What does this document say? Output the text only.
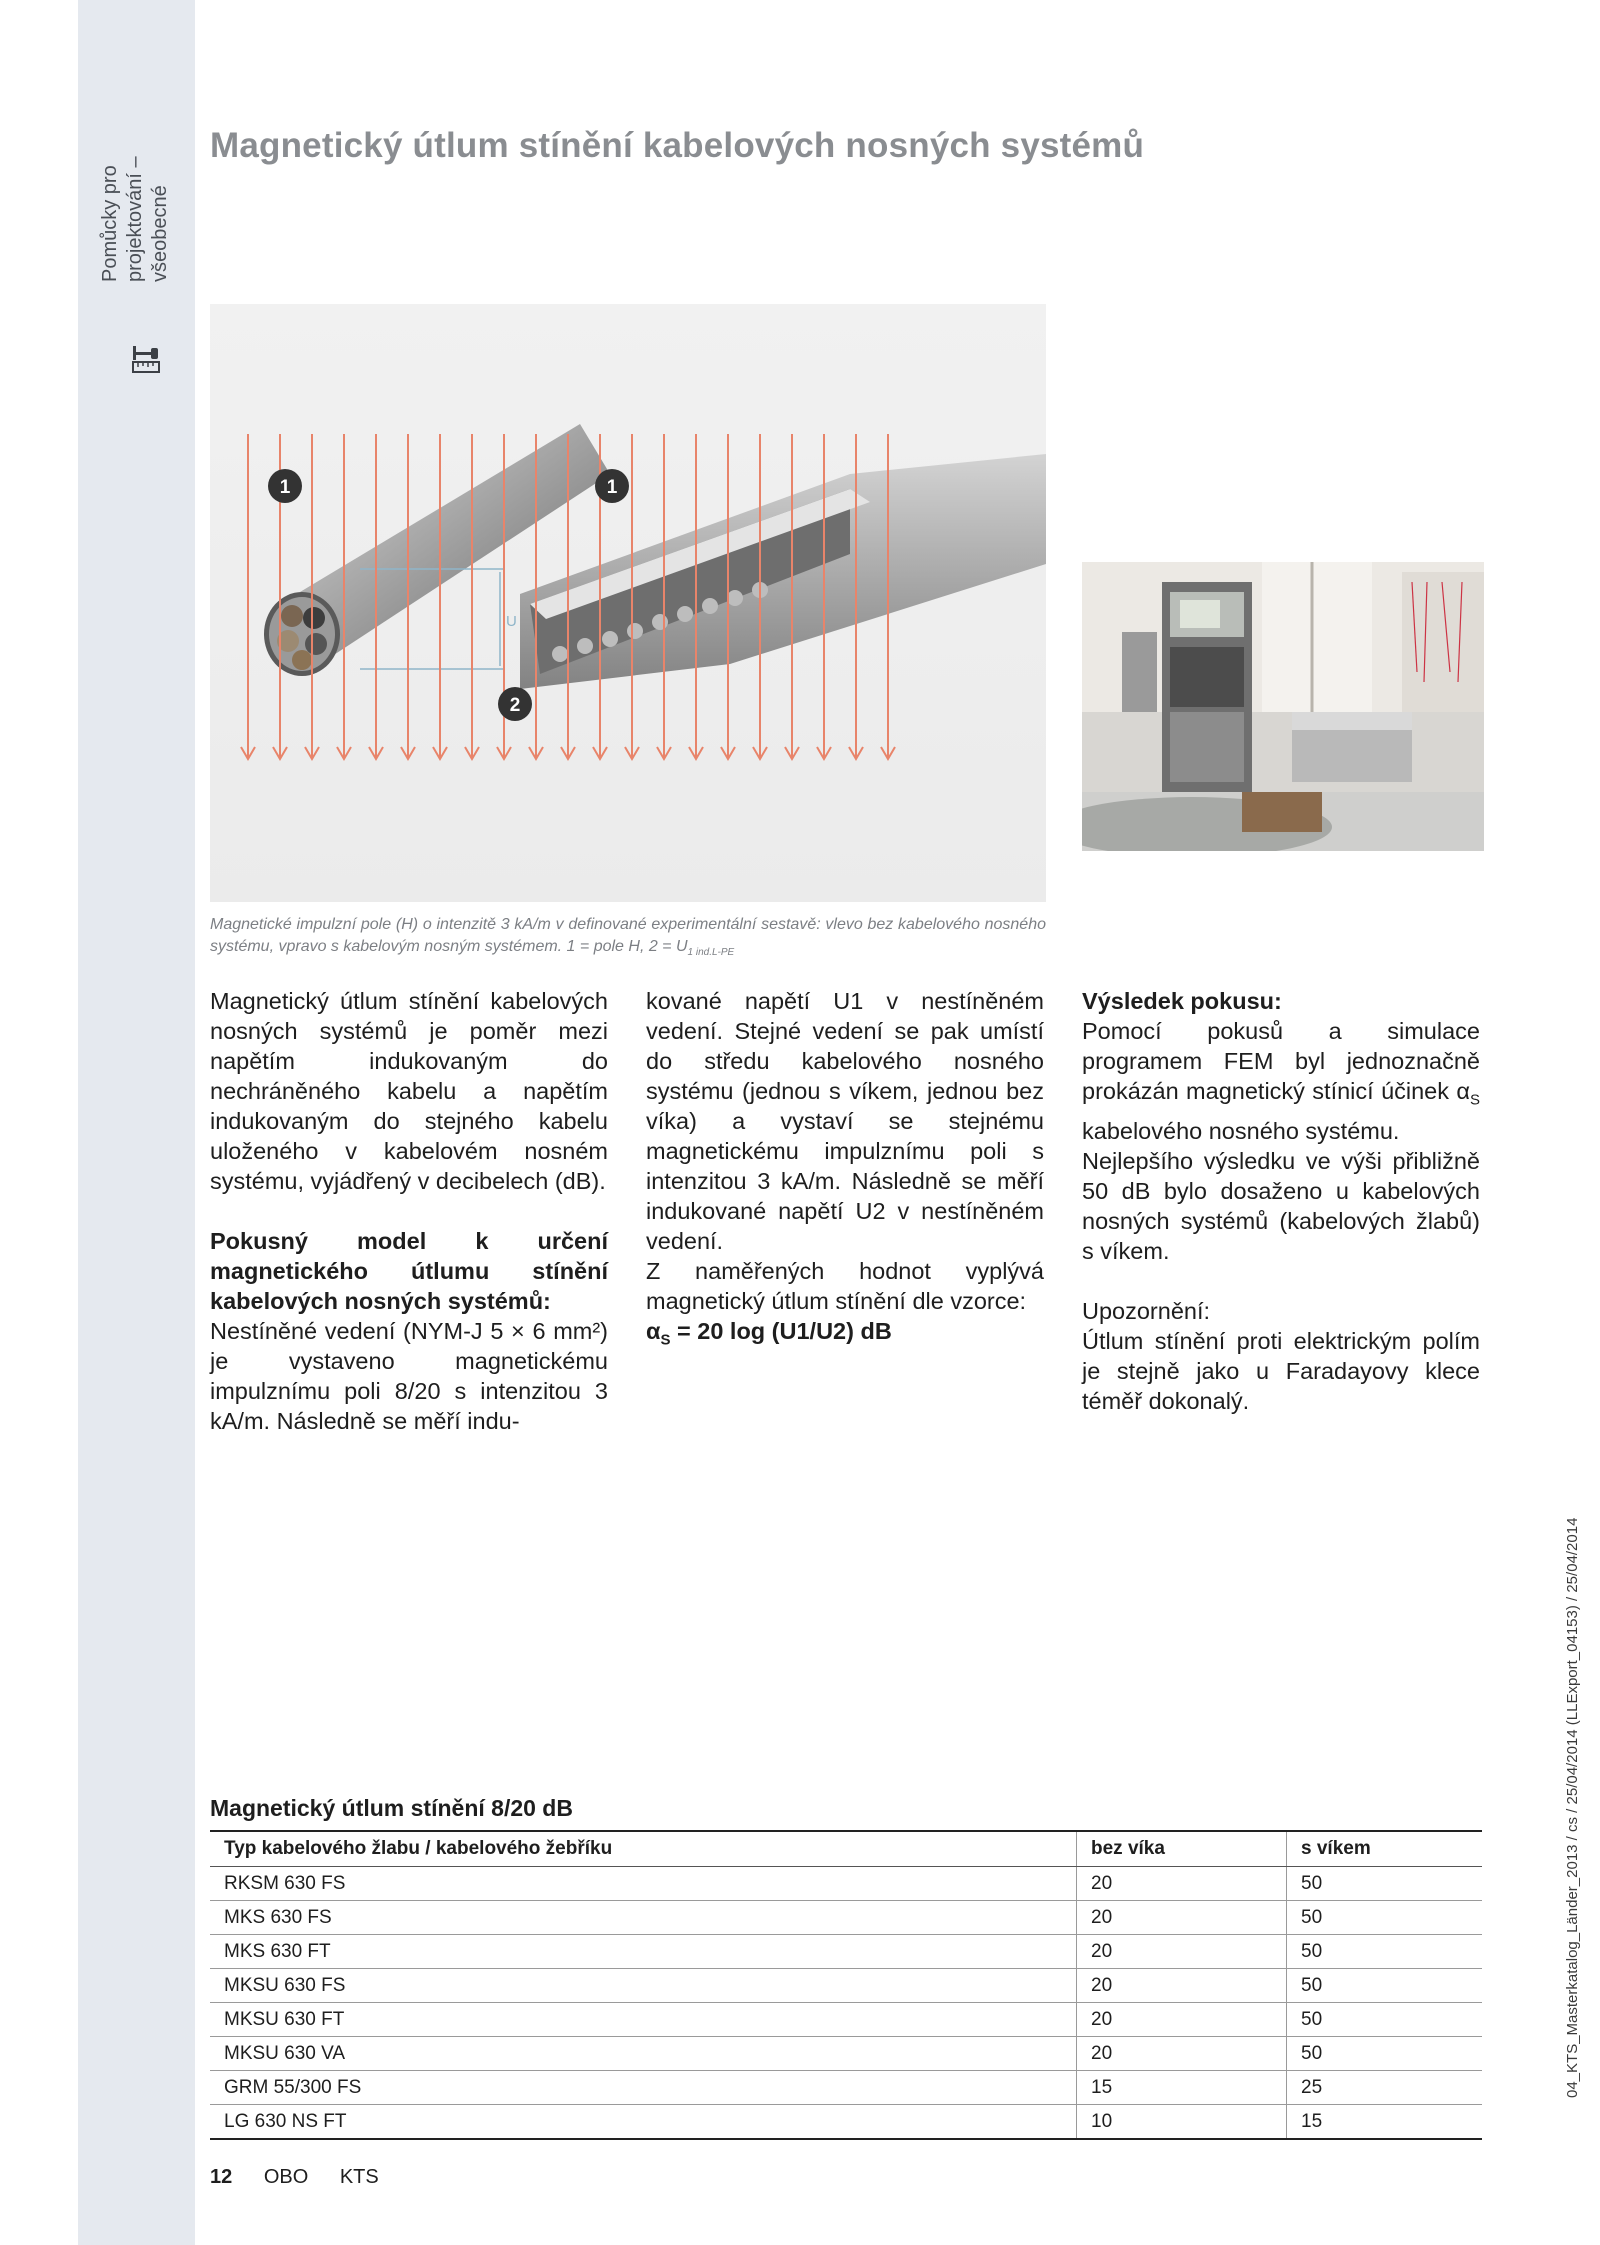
Pomůcky pro projektování – všeobecné
Magnetický útlum stínění kabelových nosných systémů
U
1	1
2
Magnetické impulzní pole (H) o intenzitě 3 kA/m v definované experimentální sestavě: vlevo bez kabelového nosného systému, vpravo s kabelovým nosným systémem. 1 = pole H, $2 = U_{1 ind.L-PE}$

Magnetický útlum stínění kabelových nosných systémů je poměr mezi napětím indukovaným do nechráněného kabelu a napětím indukovaným do stejného kabelu uloženého v kabelovém nosném systému, vyjádřený v decibelech (dB).

Pokusný model k určení magnetického útlumu stínění kabelových nosných systémů:

Nestíněné vedení (NYM-J 5 × 6 mm²) je vystaveno magnetickému impulznímu poli 8/20 s intenzitou 3 kA/m. Následně se měří indu-

kované napětí U1 v nestíněném vedení. Stejné vedení se pak umístí do středu kabelového nosného systému (jednou s víkem, jednou bez víka) a vystaví se stejnému magnetickému impulznímu poli s intenzitou 3 kA/m. Následně se měří indukované napětí U2 v nestíněném vedení.

Z naměřených hodnot vyplývá magnetický útlum stínění dle vzorce:

$\alpha_S = 20$ log (U1/U2) dB

Výsledek pokusu:

Pomocí pokusů a simulace programem FEM byl jednoznačně prokázán magnetický stínicí účinek $\alpha_S$ kabelového nosného systému.

Nejlepšího výsledku ve výši přibližně 50 dB bylo dosaženo u kabelových nosných systémů (kabelových žlabů) s víkem.

Upozornění:

Útlum stínění proti elektrickým polím je stejně jako u Faradayovy klece téměř dokonalý.

Magnetický útlum stínění 8/20 dB
Typ kabelového žlabu / kabelového žebříku	bez víka	s víkem
RKSM 630 FS	20	50
MKS 630 FS	20	50
MKS 630 FT	20	50
MKSU 630 FS	20	50
MKSU 630 FT	20	50
MKSU 630 VA	20	50
GRM 55/300 FS	15	25
LG 630 NS FT	10	15
12 OBO KTS
04_KTS_Masterkatalog_Länder_2013 / cs / 25/04/2014 (LLExport_04153) / 25/04/2014
